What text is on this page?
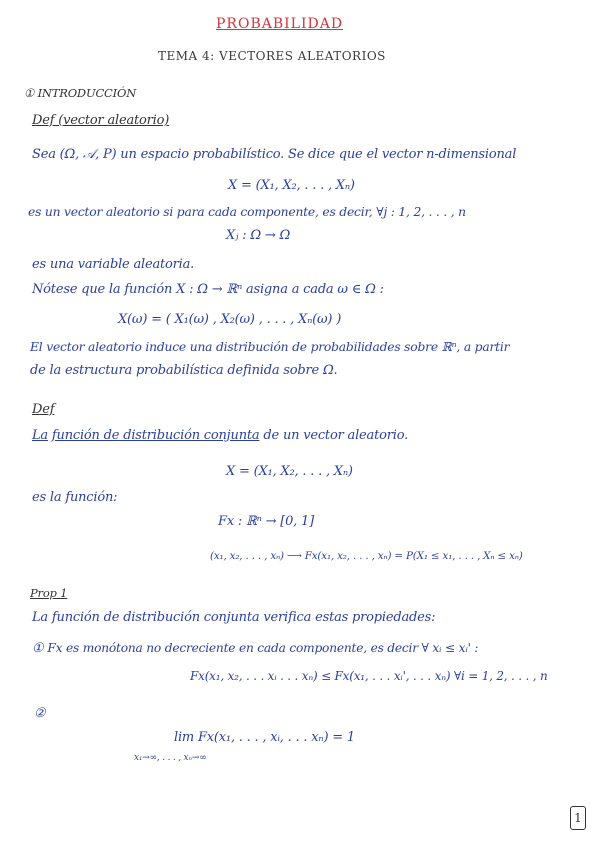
PROBABILIDAD
TEMA 4: VECTORES ALEATORIOS
① INTRODUCCIÓN
Def (vector aleatorio)
Sea (Ω, 𝒜, P) un espacio probabilístico. Se dice que el vector n-dimensional
X = (X₁, X₂, . . . , Xₙ)
es un vector aleatorio si para cada componente, es decir, ∀j : 1, 2, . . . , n
Xⱼ : Ω → Ω
es una variable aleatoria.
Nótese que la función X : Ω → ℝⁿ asigna a cada ω ∈ Ω :
X(ω) = ( X₁(ω) , X₂(ω) , . . . , Xₙ(ω) )
El vector aleatorio induce una distribución de probabilidades sobre ℝⁿ, a partir
de la estructura probabilística definida sobre Ω.
Def
La función de distribución conjunta de un vector aleatorio.
X = (X₁, X₂, . . . , Xₙ)
es la función:
Fx : ℝⁿ → [0, 1]
(x₁, x₂, . . . , xₙ) ⟶ Fx(x₁, x₂, . . . , xₙ) = P(X₁ ≤ x₁, . . . , Xₙ ≤ xₙ)
Prop 1
La función de distribución conjunta verifica estas propiedades:
① Fx es monótona no decreciente en cada componente, es decir ∀ xᵢ ≤ xᵢ' :
Fx(x₁, x₂, . . . xᵢ . . . xₙ) ≤ Fx(x₁, . . . xᵢ', . . . xₙ) ∀i = 1, 2, . . . , n
②
lim Fx(x₁, . . . , xᵢ, . . . xₙ) = 1
x₁→∞, . . . , xₙ→∞
1
